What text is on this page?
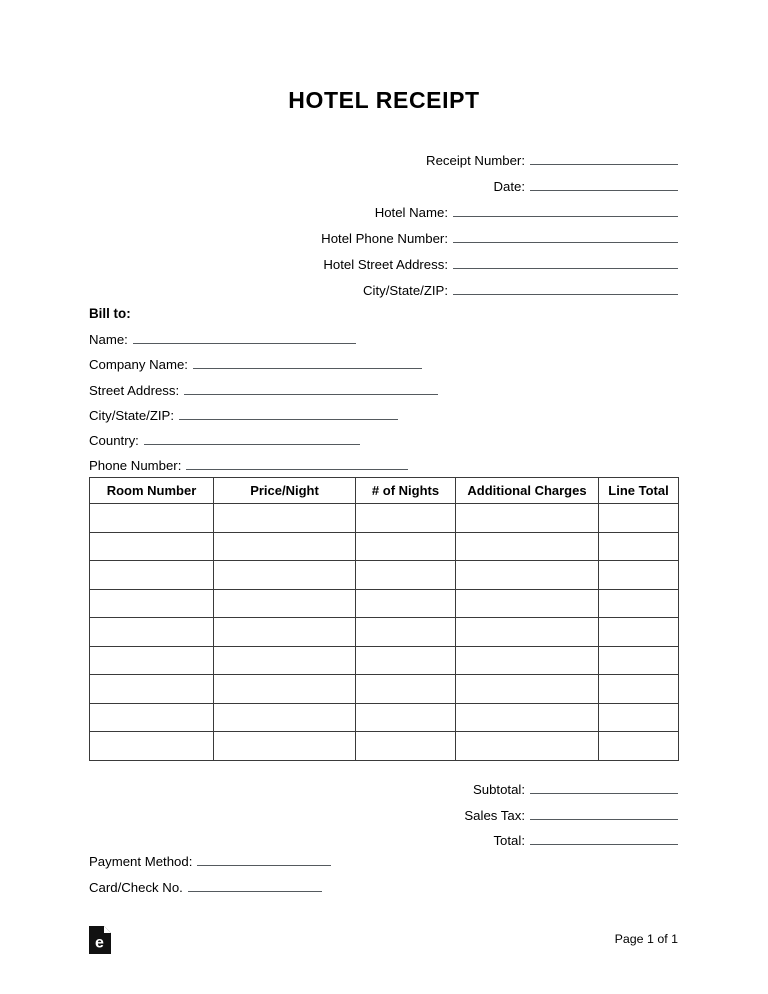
HOTEL RECEIPT
Receipt Number:
Date:
Hotel Name:
Hotel Phone Number:
Hotel Street Address:
City/State/ZIP:
Bill to:
Name:
Company Name:
Street Address:
City/State/ZIP:
Country:
Phone Number:
Room Number	Price/Night	# of Nights	Additional Charges	Line Total

Subtotal:
Sales Tax:
Total:
Payment Method:
Card/Check No.
e	Page 1 of 1
